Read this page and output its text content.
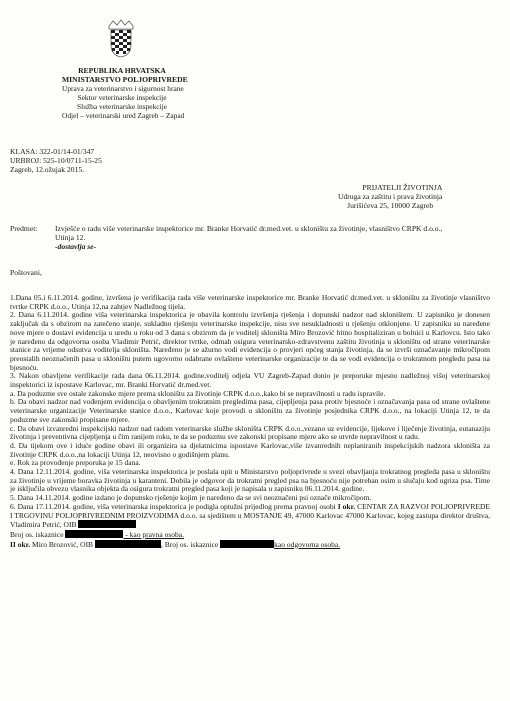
REPUBLIKA HRVATSKA
MINISTARSTVO POLJOPRIVREDE
Uprava za veterinarstvo i sigurnost hrane
Sektor veterinarske inspekcije
Služba veterinarske inspekcije
Odjel – veterinarski ured Zagreb – Zapad
KLASA: 322-01/14-01/347
URBROJ: 525-10/0711-15-25
Zagreb, 12.ožujak 2015.
PRIJATELJI ŽIVOTINJA
Udruga za zaštitu i prava životinja
Jurišićeva 25, 10000 Zagreb
Predmet: Izvješće o radu više veterinarske inspektorice mr. Branke Horvatić dr.med.vet. u skloništu za životinje, vlasništvo CRPK d.o.o., Utinja 12.
-dostavlja se-
Poštovani,

1.Dana 05.i 6.11.2014. godine, izvršena je verifikacija rada više veterinarske inspektorice mr. Branke Horvatić dr.med.vet. u skloništu za životinje vlasništvo tvrtke CRPK d.o.o., Utinja 12,na zahtjev Nadležnog tijela.

2. Dana 6.11.2014. godine viša veterinarska inspektorica je obavila kontrolu izvršenja rješenja i dopunski nadzor nad skloništem. U zapisniku je donesen zaključak da s obzirom na zatečeno stanje, sukladno rješenju veterinarske inspekcije, nisu sve nesukladnosti u rješenju otklonjene. U zapisniku su naređene nove mjere o dostavi evidencija u uredu u roku od 3 dana s obzirom da je voditelj skloništa Miro Brozović hitno hospitaliziran u bolnici u Karlovcu. Isto tako je naređeno da odgovorna osoba Vladimir Petrić, direktor tvrtke, odmah osigura veterinarsko-zdravstvenu zaštitu životinja u skloništu od strane veterinarske stanice za vrijeme odsutva voditelja skloništa. Naređeno je se ažurno vodi evidencija o provjeri općeg stanja životinja, da se izvrši označavanje mikročipom preostalih neoznačenih pasa u skloništu putem ugovorno odabrane ovlaštene veterinarske organizacije te da se vodi evidencija o trokratnom pregledu pasa na bjesnoću.

3. Nakon obavljene verifikacije rada dana 06.11.2014. godine,voditelj odjela VU Zagreb-Zapad donio je preporuke mjesno nadležnoj višoj veterinarskoj inspektorici iz ispostave Karlovac, mr. Branki Horvatić dr.med.vet.

a. Da poduzme sve ostale zakonske mjere prema skloništu za životinje CRPK d.o.o.,kako bi se nepravilnosti u radu ispravile.

b. Da obavi nadzor nad vođenjem evidencija o obavljenim trokratnim pregledima pasa, cijepljenja pasa protiv bjesnoće i označavanja pasa od strane ovlaštene veterinarske organizacije Veterinarske stanice d.o.o., Karlovac koje provodi u skloništu za životinje posjednika CRPK d.o.o., na lokaciji Utinja 12, te da poduzme sve zakonski propisane mjere.

c. Da obavi izvanredni inspekcijski nadzor nad radom veterinarske službe skloništa CRPK d.o.o.,vezano uz evidencije, lijekove i liječenje životinja, eutanaziju životinja i preventivna cijepljenja u čim ranijem roku, te da se poduzmu sve zakonski propisane mjere ako se utvrde nepravilnost u radu.

d. Da tijekom ove i iduće godine obavi ili organizira sa djelatnicima ispostave Karlovac,više izvanrednih neplaniranih inspekcijskih nadzora skloništa za životinje CRPK d.o.o.,na lokaciji Utinja 12, neovisno o godišnjem planu.

e. Rok za provođenje preporuka je 15 dana.

4. Dana 12.11.2014. godine, viša veterinarska inspektorica je poslala upit u Ministarstvo poljoprivrede u svezi obavljanja trokratnog pregleda pasa u skloništu za životinje u vrijeme boravka životinja u karanteni. Dobila je odgovor da trokratni pregled psa na bjesnoću nije potreban osim u slučaju kod ugriza psa. Time je isključila obvezu vlasnika objekta da osigura trokratni pregled pasa koji je napisala u zapisniku 06.11.2014. godine.

5. Dana 14.11.2014. godine izdano je dopunsko rješenje kojim je naređeno da se svi neoznačeni psi označe mikročipom.

6. Dana 17.11.2014. godine, viša veterinarska inspektorica je podigla optužni prijedlog prema pravnoj osobi I okr. CENTAR ZA RAZVOJ POLJOPRIVREDE I TRGOVINU POLJOPRIVREDNIM PROIZVODIMA d.o.o. sa sjedištem u MOSTANJE 49, 47000 Karlovac 47000 Karlovac, kojeg zastupa direktor društva, Vladimira Petrić, OIB

Broj os. iskaznice	- kao pravna osoba.

II okr. Miro Brozović, OIB	, Broj os. iskaznice	kao odgovorna osoba.
